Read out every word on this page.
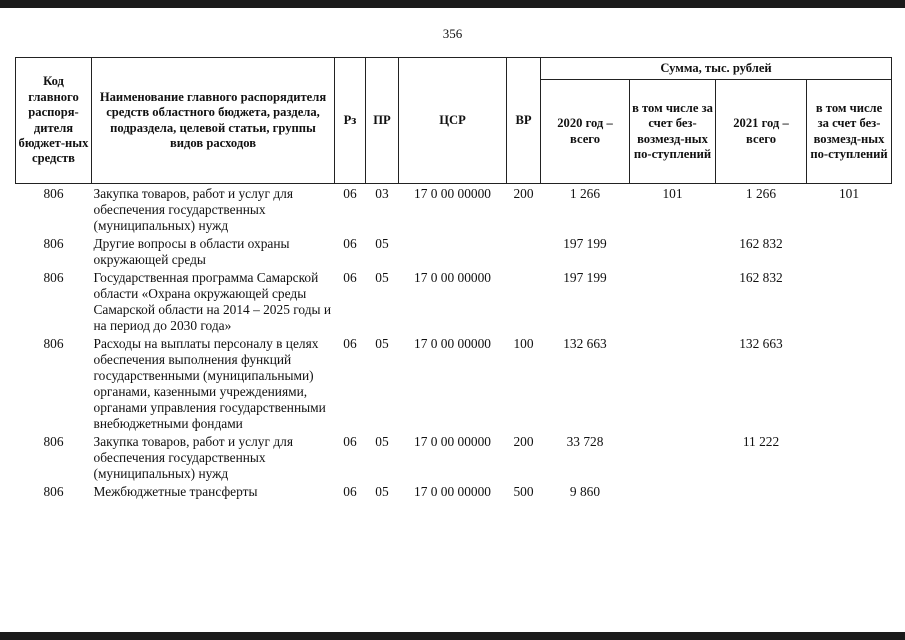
356
Код главного распоря-дителя бюджет-ных средств	Наименование главного распорядителя средств областного бюджета, раздела, подраздела, целевой статьи, группы видов расходов	Рз	ПР	ЦСР	ВР	Сумма, тыс. рублей			
						2020 год – всего	в том числе за счет без-возмезд-ных по-ступлений	2021 год – всего	в том числе за счет без-возмезд-ных по-ступлений
806	Закупка товаров, работ и услуг для обеспечения государственных (муниципальных) нужд	06	03	17 0 00 00000	200	1 266	101	1 266	101
806	Другие вопросы в области охраны окружающей среды	06	05			197 199		162 832	
806	Государственная программа Самарской области «Охрана окружающей среды Самарской области на 2014 – 2025 годы и на период до 2030 года»	06	05	17 0 00 00000		197 199		162 832	
806	Расходы на выплаты персоналу в целях обеспечения выполнения функций государственными (муниципальными) органами, казенными учреждениями, органами управления государственными внебюджетными фондами	06	05	17 0 00 00000	100	132 663		132 663	
806	Закупка товаров, работ и услуг для обеспечения государственных (муниципальных) нужд	06	05	17 0 00 00000	200	33 728		11 222	
806	Межбюджетные трансферты	06	05	17 0 00 00000	500	9 860			
